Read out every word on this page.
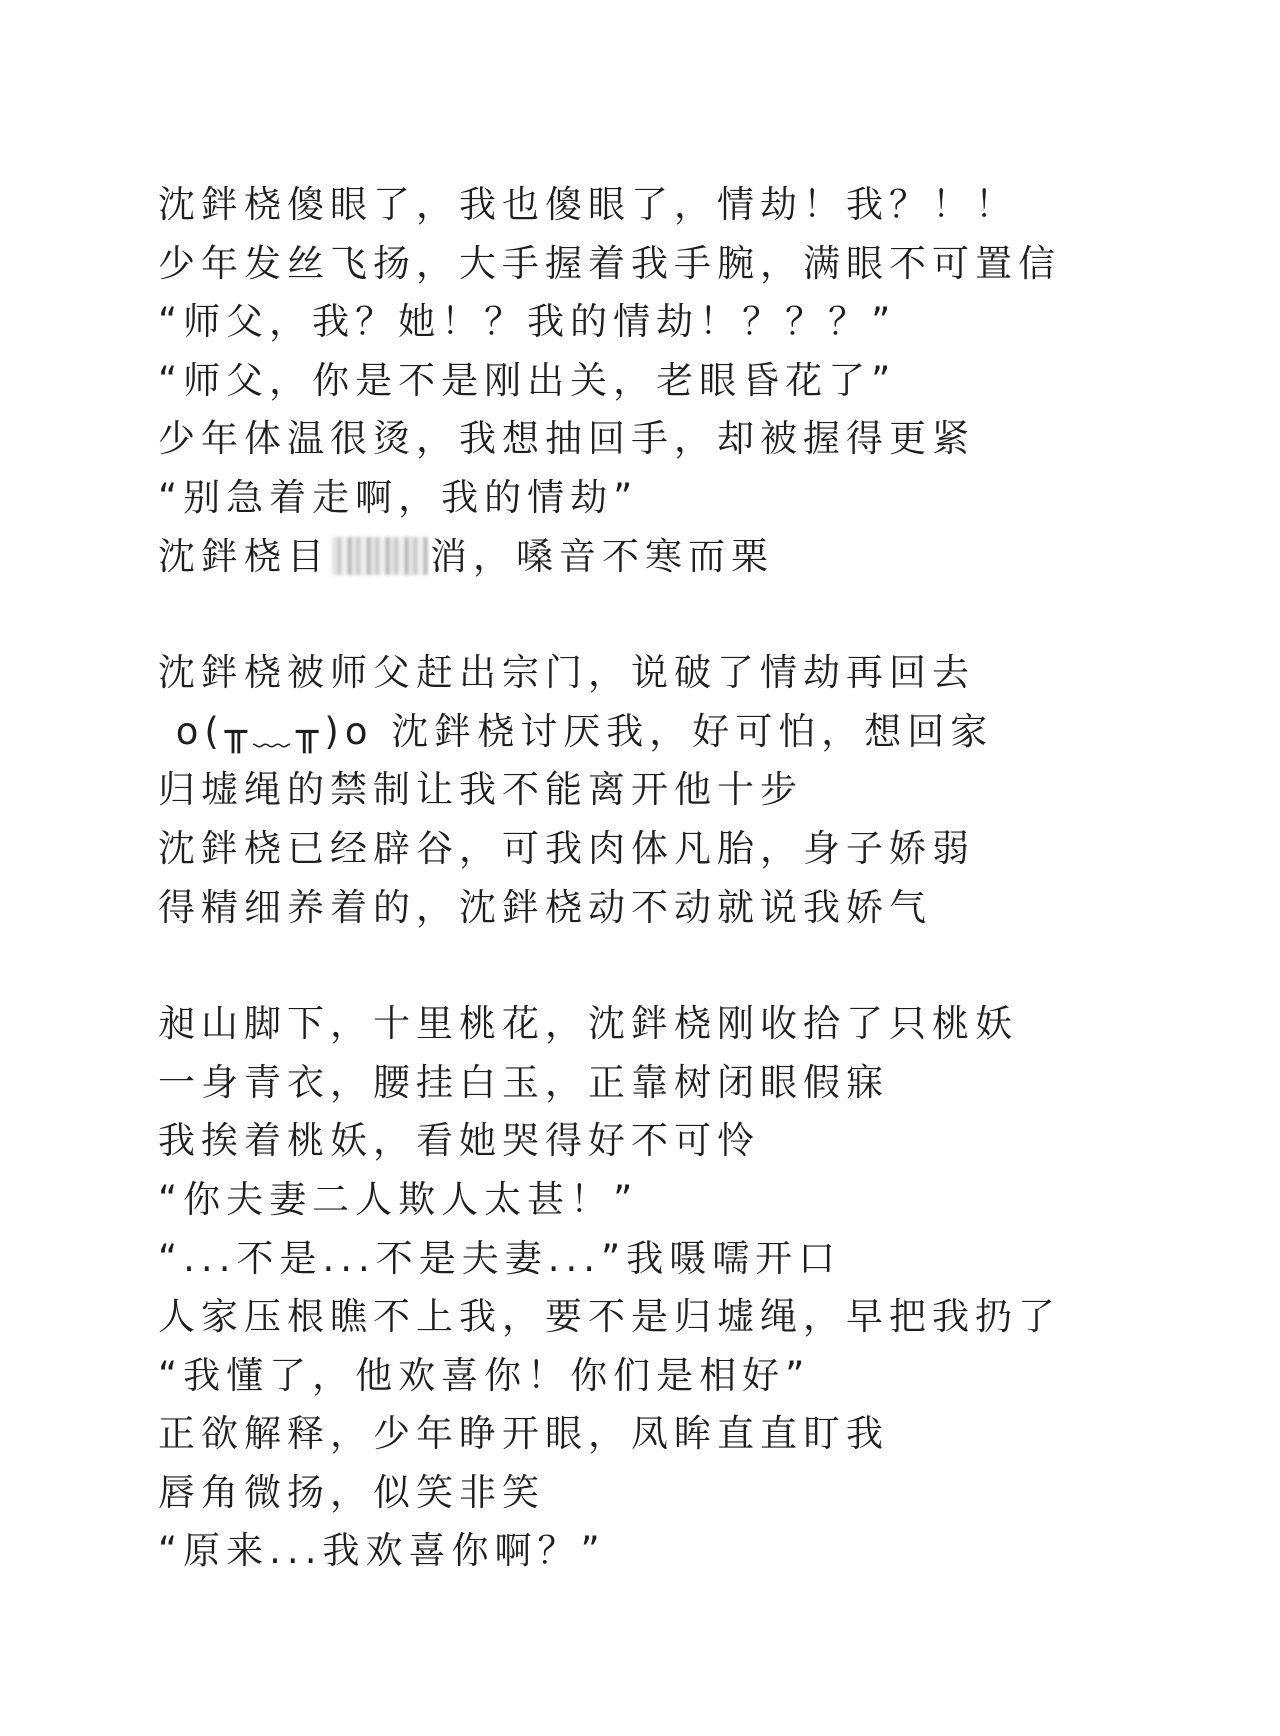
沈鉡桡傻眼了，我也傻眼了，情劫！我？！！
少年发丝飞扬，大手握着我手腕，满眼不可置信
“师父，我？她！？我的情劫！？？？”
“师父，你是不是刚出关，老眼昏花了”
少年体温很烫，我想抽回手，却被握得更紧
“别急着走啊，我的情劫”
沈鉡桡目	消，嗓音不寒而栗

沈鉡桡被师父赶出宗门，说破了情劫再回去
o(╥﹏╥)o 沈鉡桡讨厌我，好可怕，想回家
归墟绳的禁制让我不能离开他十步
沈鉡桡已经辟谷，可我肉体凡胎，身子娇弱
得精细养着的，沈鉡桡动不动就说我娇气

昶山脚下，十里桃花，沈鉡桡刚收拾了只桃妖
一身青衣，腰挂白玉，正靠树闭眼假寐
我挨着桃妖，看她哭得好不可怜
“你夫妻二人欺人太甚！”
“...不是...不是夫妻...”我嗫嚅开口
人家压根瞧不上我，要不是归墟绳，早把我扔了
“我懂了，他欢喜你！你们是相好”
正欲解释，少年睁开眼，凤眸直直盯我
唇角微扬，似笑非笑
“原来...我欢喜你啊？”
